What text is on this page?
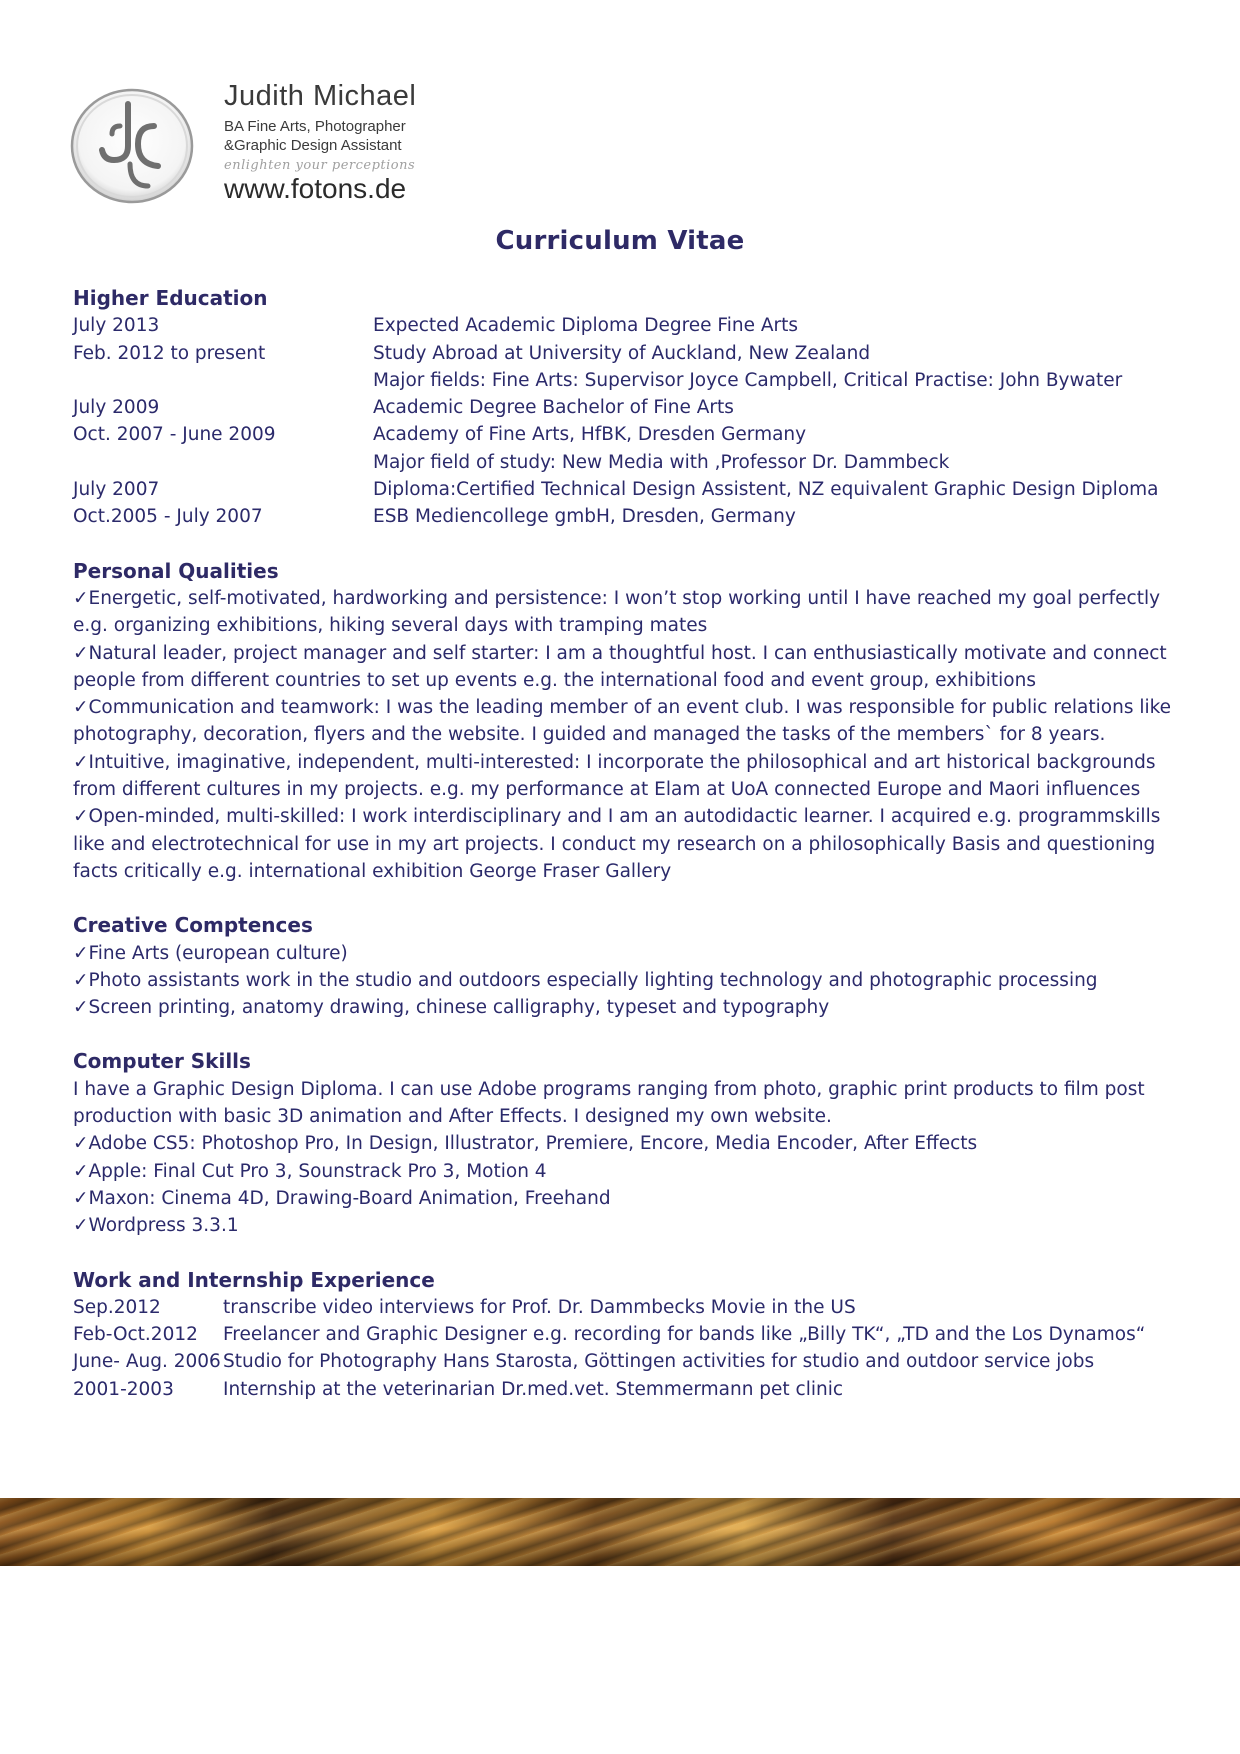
Judith Michael
BA Fine Arts, Photographer
&Graphic Design Assistant
enlighten your perceptions
www.fotons.de
Curriculum Vitae
Higher Education
July 2013	Expected Academic Diploma Degree Fine Arts
Feb. 2012 to present	Study Abroad at University of Auckland, New Zealand
Major fields: Fine Arts: Supervisor Joyce Campbell, Critical Practise: John Bywater
July 2009	Academic Degree Bachelor of Fine Arts
Oct. 2007 - June 2009	Academy of Fine Arts, HfBK, Dresden Germany
Major field of study: New Media with ,Professor Dr. Dammbeck
July 2007	Diploma:Certified Technical Design Assistent, NZ equivalent Graphic Design Diploma
Oct.2005 - July 2007	ESB Mediencollege gmbH, Dresden, Germany
Personal Qualities
✓Energetic, self-motivated, hardworking and persistence: I won’t stop working until I have reached my goal perfectly e.g. organizing exhibitions, hiking several days with tramping mates
✓Natural leader, project manager and self starter: I am a thoughtful host. I can enthusiastically motivate and connect people from different countries to set up events e.g. the international food and event group, exhibitions
✓Communication and teamwork: I was the leading member of an event club. I was responsible for public relations like photography, decoration, flyers and the website. I guided and managed the tasks of the members` for 8 years.
✓Intuitive, imaginative, independent, multi-interested: I incorporate the philosophical and art historical backgrounds from different cultures in my projects. e.g. my performance at Elam at UoA connected Europe and Maori influences
✓Open-minded, multi-skilled: I work interdisciplinary and I am an autodidactic learner. I acquired e.g. programmskills like and electrotechnical for use in my art projects. I conduct my research on a philosophically Basis and questioning facts critically e.g. international exhibition George Fraser Gallery
Creative Comptences
✓Fine Arts (european culture)
✓Photo assistants work in the studio and outdoors especially lighting technology and photographic processing
✓Screen printing, anatomy drawing, chinese calligraphy, typeset and typography
Computer Skills
I have a Graphic Design Diploma. I can use Adobe programs ranging from photo, graphic print products to film post production with basic 3D animation and After Effects. I designed my own website.
✓Adobe CS5: Photoshop Pro, In Design, Illustrator, Premiere, Encore, Media Encoder, After Effects
✓Apple: Final Cut Pro 3, Sounstrack Pro 3, Motion 4
✓Maxon: Cinema 4D, Drawing-Board Animation, Freehand
✓Wordpress 3.3.1
Work and Internship Experience
Sep.2012	transcribe video interviews for Prof. Dr. Dammbecks Movie in the US
Feb-Oct.2012	Freelancer and Graphic Designer e.g. recording for bands like „Billy TK“, „TD and the Los Dynamos“
June- Aug. 2006 Studio for Photography Hans Starosta, Göttingen activities for studio and outdoor service jobs
2001-2003	Internship at the veterinarian Dr.med.vet. Stemmermann pet clinic
